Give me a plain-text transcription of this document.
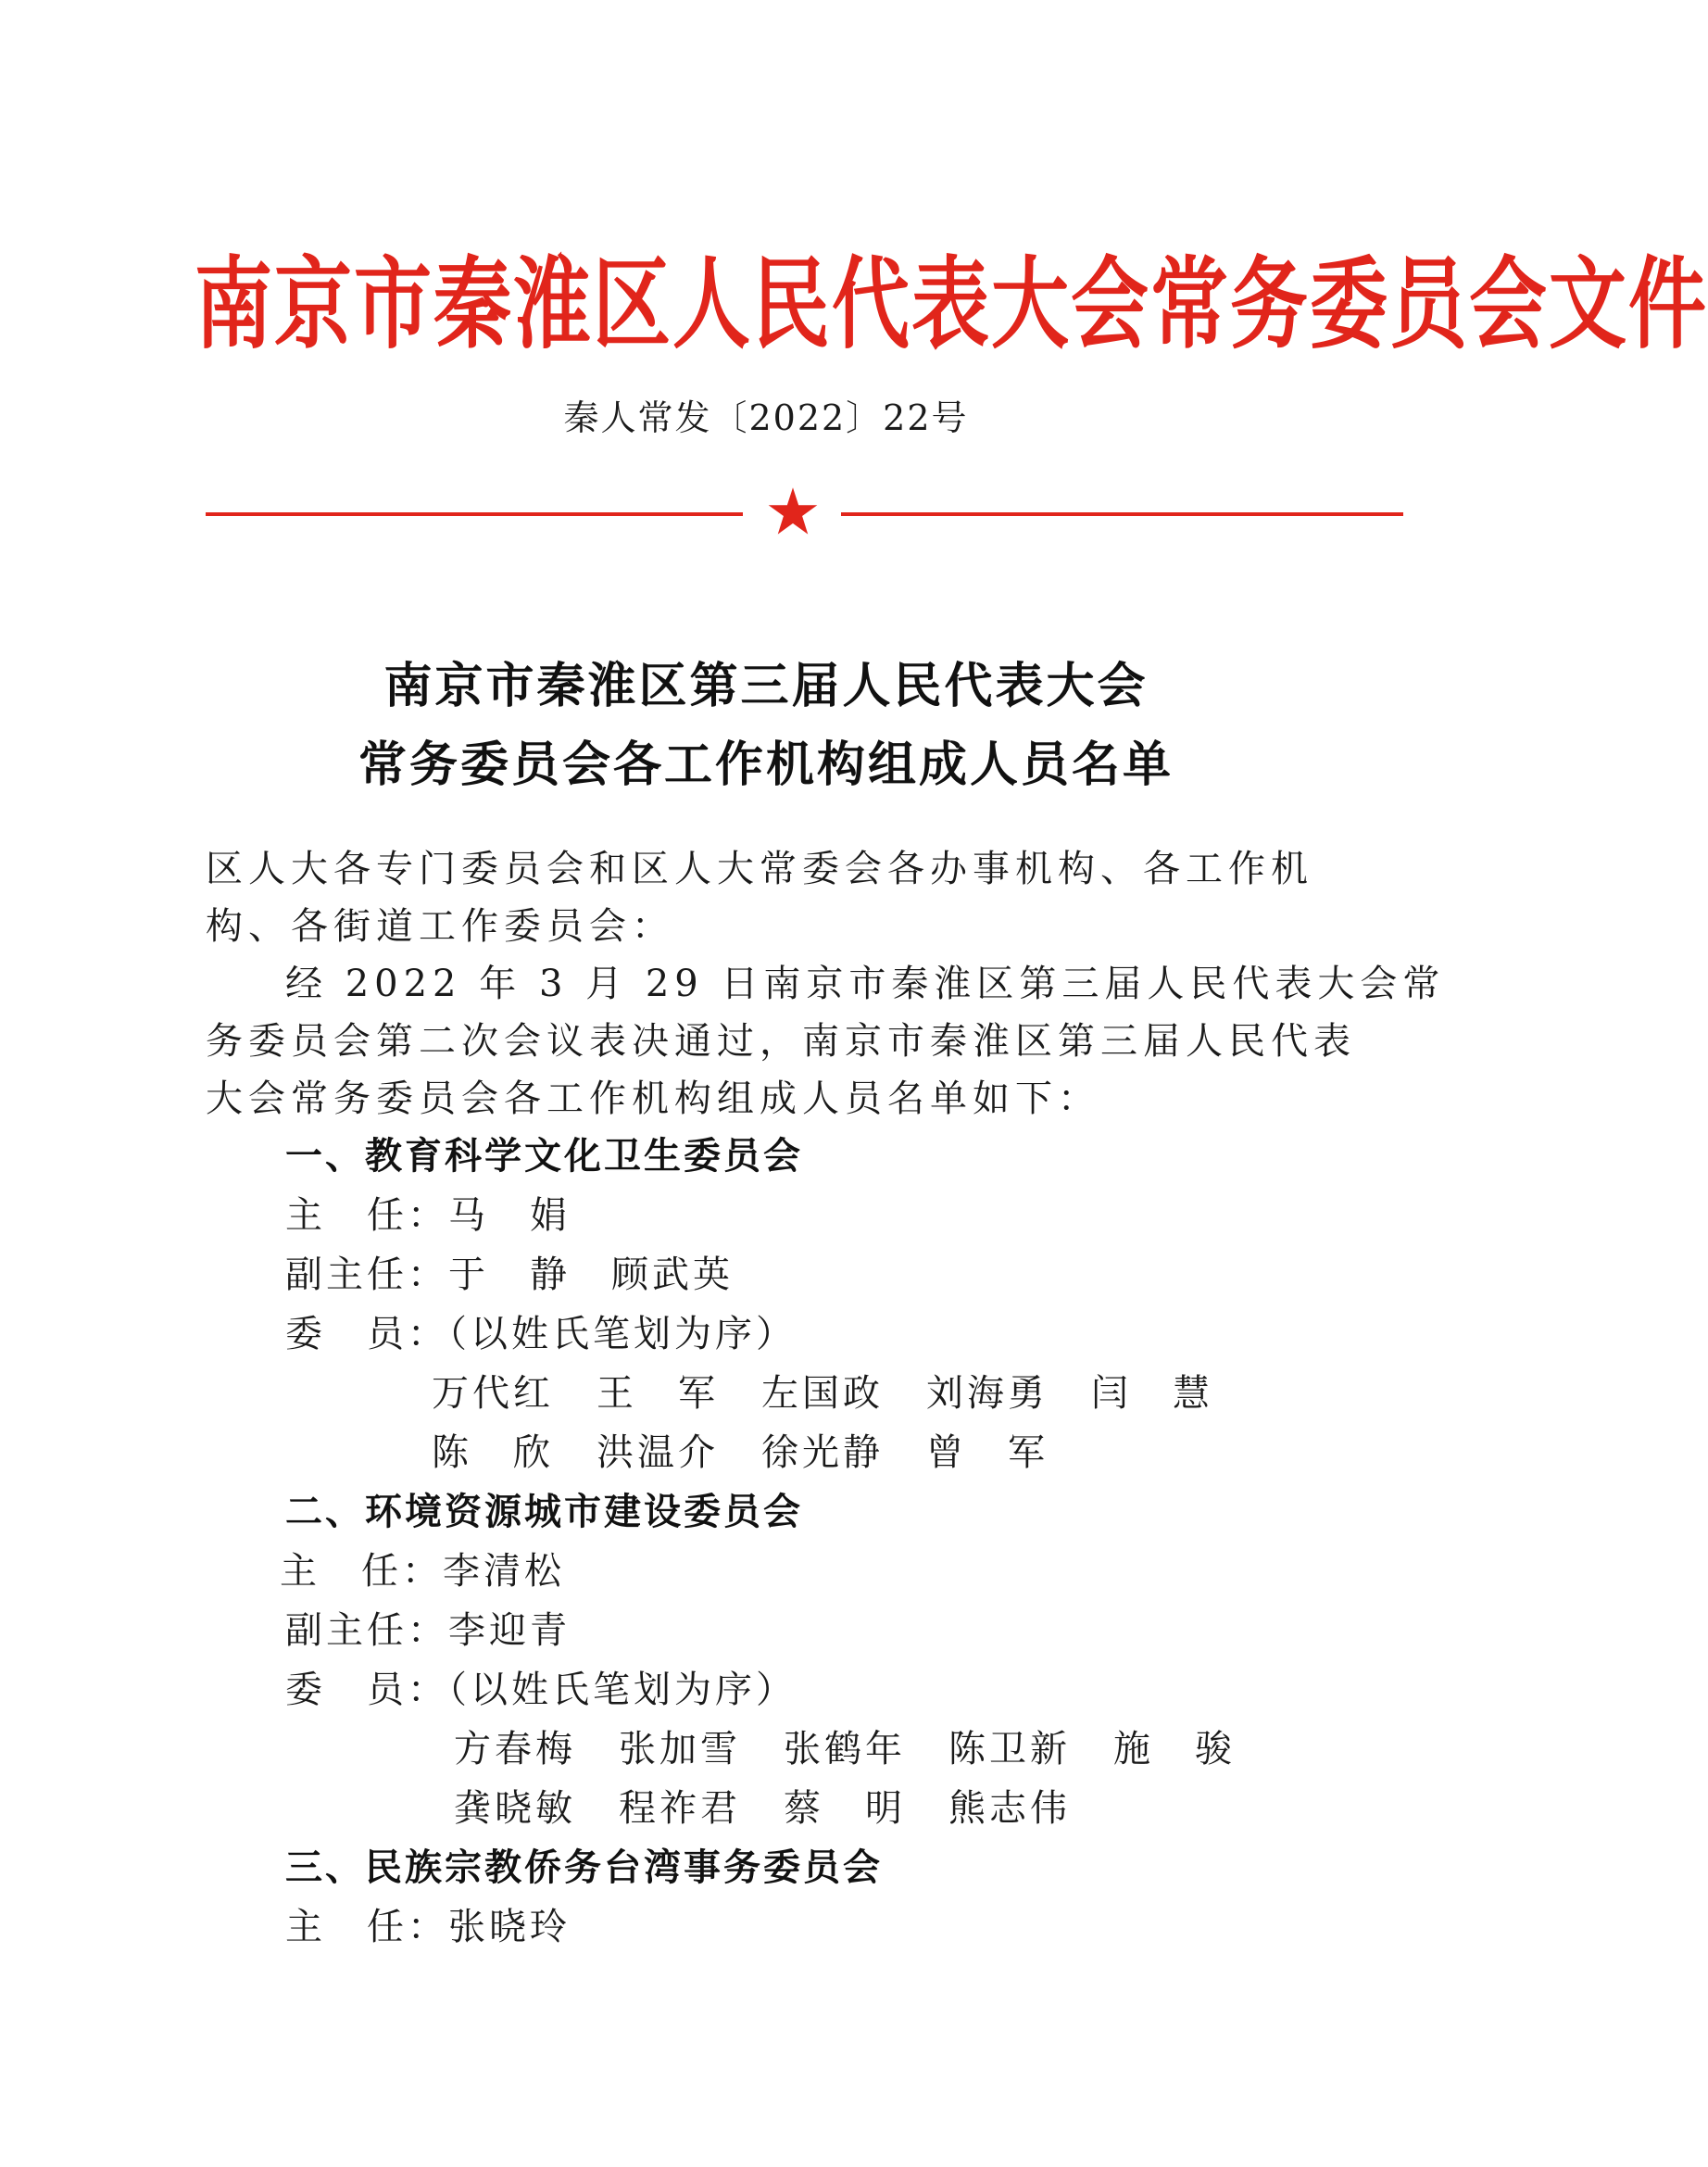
南京市秦淮区人民代表大会常务委员会文件
秦人常发〔2022〕22号
南京市秦淮区第三届人民代表大会
常务委员会各工作机构组成人员名单
区人大各专门委员会和区人大常委会各办事机构、各工作机
构、各街道工作委员会：
经 2022 年 3 月 29 日南京市秦淮区第三届人民代表大会常
务委员会第二次会议表决通过，南京市秦淮区第三届人民代表
大会常务委员会各工作机构组成人员名单如下：
一、教育科学文化卫生委员会
主　任：马　娟
副主任：于　静　顾武英
委　员：（以姓氏笔划为序）
万代红 王　军 左国政 刘海勇 闫　慧
陈　欣 洪温介 徐光静 曾　军
二、环境资源城市建设委员会
主　任：李清松
副主任：李迎青
委　员：（以姓氏笔划为序）
方春梅 张加雪 张鹤年 陈卫新 施　骏
龚晓敏 程祚君 蔡　明 熊志伟
三、民族宗教侨务台湾事务委员会
主　任：张晓玲
